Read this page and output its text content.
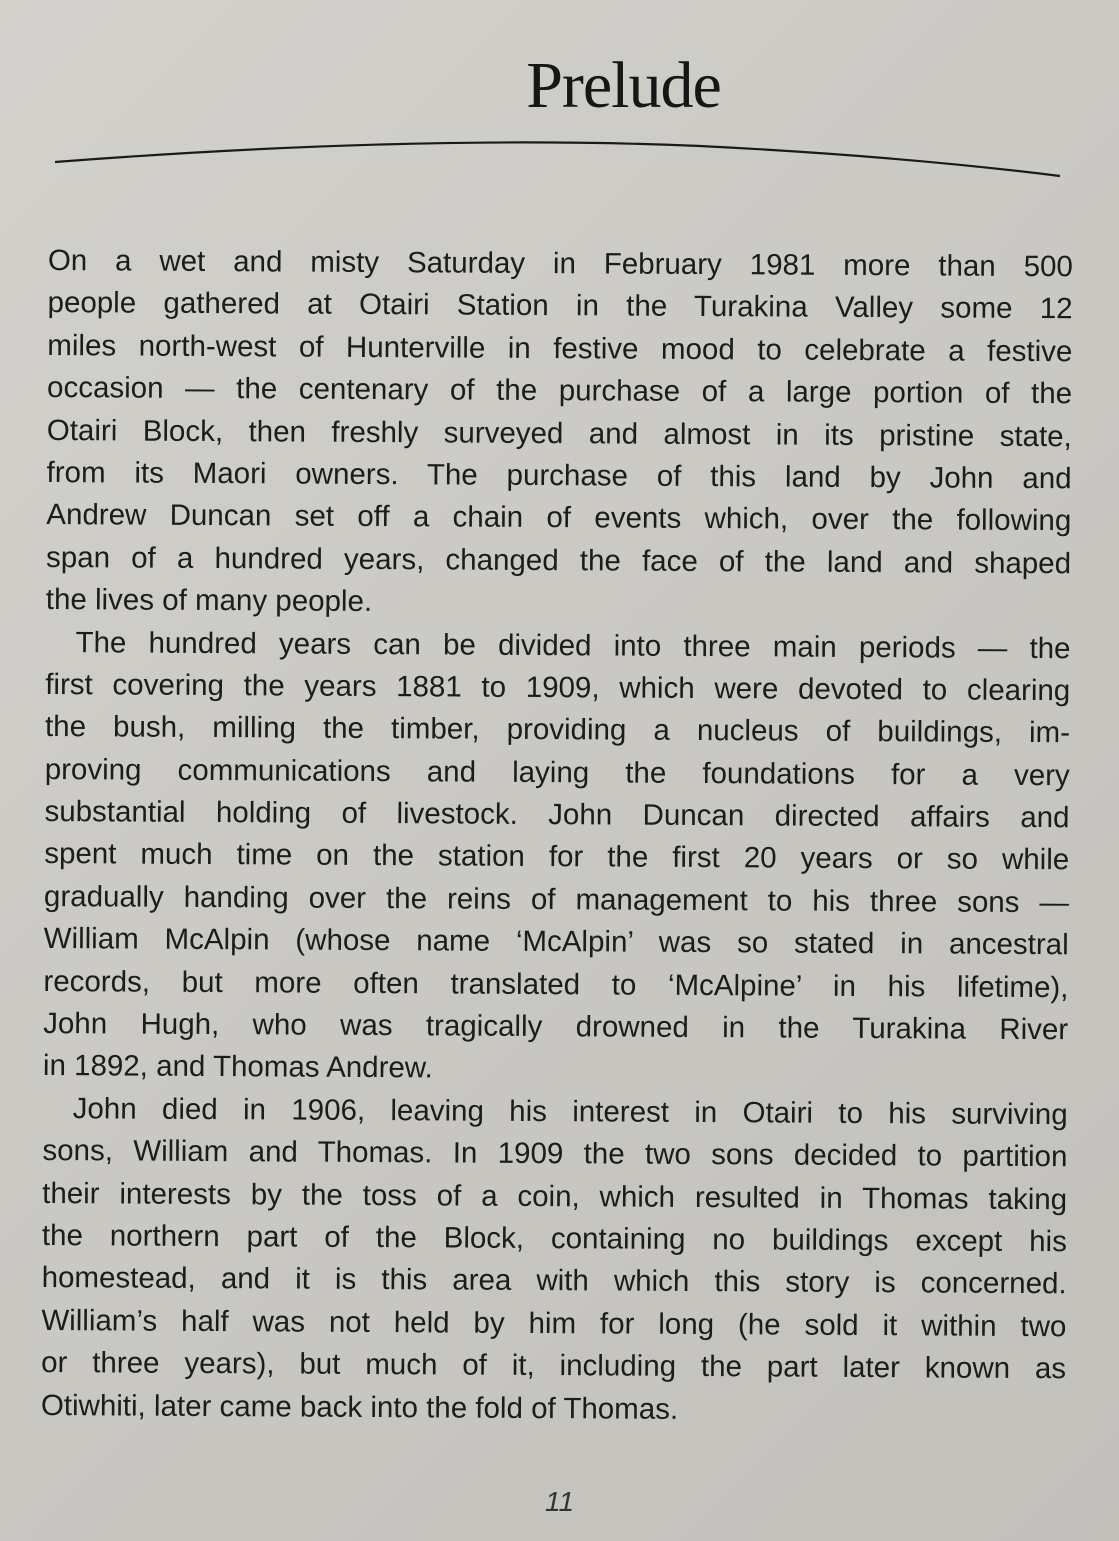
Prelude
On a wet and misty Saturday in February 1981 more than 500
people gathered at Otairi Station in the Turakina Valley some 12
miles north-west of Hunterville in festive mood to celebrate a festive
occasion — the centenary of the purchase of a large portion of the
Otairi Block, then freshly surveyed and almost in its pristine state,
from its Maori owners. The purchase of this land by John and
Andrew Duncan set off a chain of events which, over the following
span of a hundred years, changed the face of the land and shaped
the lives of many people.
The hundred years can be divided into three main periods — the
first covering the years 1881 to 1909, which were devoted to clearing
the bush, milling the timber, providing a nucleus of buildings, im-
proving communications and laying the foundations for a very
substantial holding of livestock. John Duncan directed affairs and
spent much time on the station for the first 20 years or so while
gradually handing over the reins of management to his three sons —
William McAlpin (whose name ‘McAlpin’ was so stated in ancestral
records, but more often translated to ‘McAlpine’ in his lifetime),
John Hugh, who was tragically drowned in the Turakina River
in 1892, and Thomas Andrew.
John died in 1906, leaving his interest in Otairi to his surviving
sons, William and Thomas. In 1909 the two sons decided to partition
their interests by the toss of a coin, which resulted in Thomas taking
the northern part of the Block, containing no buildings except his
homestead, and it is this area with which this story is concerned.
William’s half was not held by him for long (he sold it within two
or three years), but much of it, including the part later known as
Otiwhiti, later came back into the fold of Thomas.
11
